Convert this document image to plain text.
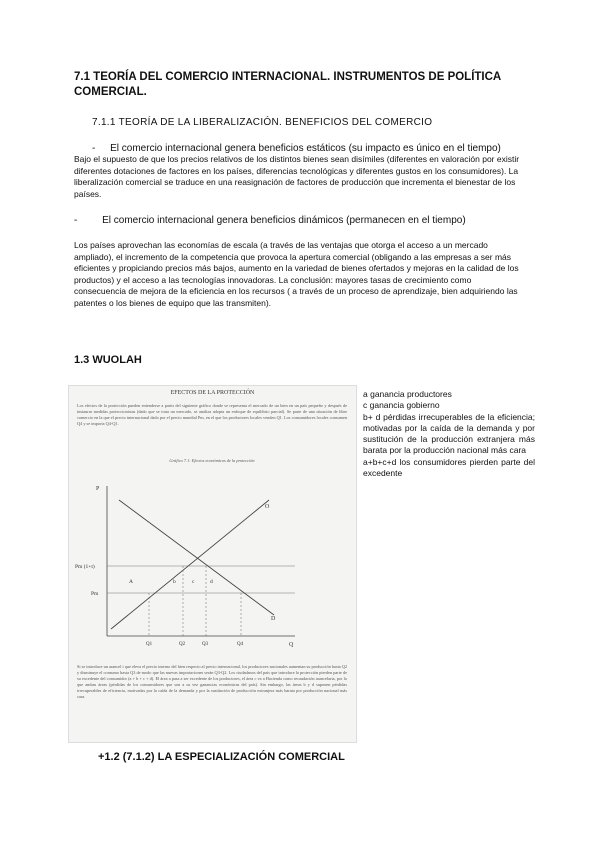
7.1 TEORÍA DEL COMERCIO INTERNACIONAL. INSTRUMENTOS DE POLÍTICA COMERCIAL.
7.1.1 TEORÍA DE LA LIBERALIZACIÓN. BENEFICIOS DEL COMERCIO
- El comercio internacional genera beneficios estáticos (su impacto es único en el tiempo)
Bajo el supuesto de que los precios relativos de los distintos bienes sean disímiles (diferentes en valoración por existir diferentes dotaciones de factores en los países, diferencias tecnológicas y diferentes gustos en los consumidores). La liberalización comercial se traduce en una reasignación de factores de producción que incrementa el bienestar de los países.
- El comercio internacional genera beneficios dinámicos (permanecen en el tiempo)
Los países aprovechan las economías de escala (a través de las ventajas que otorga el acceso a un mercado ampliado), el incremento de la competencia que provoca la apertura comercial (obligando a las empresas a ser más eficientes y propiciando precios más bajos, aumento en la variedad de bienes ofertados y mejoras en la calidad de los productos) y el acceso a las tecnologías innovadoras. La conclusión: mayores tasas de crecimiento como consecuencia de mejora de la eficiencia en los recursos ( a través de un proceso de aprendizaje, bien adquiriendo las patentes o los bienes de equipo que las transmiten).
1.3 WUOLAH
EFECTOS DE LA PROTECCIÓN
Los efectos de la protección pueden entenderse a partir del siguiente gráfico donde se representa el mercado de un bien en un país pequeño y después de instaurar medidas proteccionistas (dado que se trata un mercado, se analiza adopta un enfoque de equilibrio parcial). Se parte de una situación de libre comercio en la que el precio internacional dado por el precio mundial Pm, en el que los productores locales venden Q1. Los consumidores locales consumen Q4 y se importa Q4-Q1.
Gráfico 7.1: Efectos económicos de la protección
P
O
D
Q
Pm (1+t)
Pm
A	b	c	d
Q1	Q2	Q3	Q4
Si se introduce un arancel t que eleva el precio interno del bien respecto al precio internacional, los productores nacionales aumentan su producción hasta Q2 y disminuye el consumo hasta Q3 de modo que las nuevas importaciones serán Q3-Q2. Los ciudadanos del país que introduce la protección pierden parte de su excedente del consumidor (a + b + c + d). El área a pasa a ser excedente de los productores, el área c va a Hacienda como recaudación arancelaria, por lo que ambas áreas (pérdidas de los consumidores que son a su vez ganancias económicas del país). Sin embargo, las áreas b y d suponen pérdidas irrecuperables de eficiencia, motivadas por la caída de la demanda y por la sustitución de producción extranjera más barata por producción nacional más cara.

a ganancia productores

c ganancia gobierno

b+ d pérdidas irrecuperables de la eficiencia; motivadas por la caída de la demanda y por sustitución de la producción extranjera más barata por la producción nacional más cara

a+b+c+d los consumidores pierden parte del excedente

+1.2 (7.1.2) LA ESPECIALIZACIÓN COMERCIAL
